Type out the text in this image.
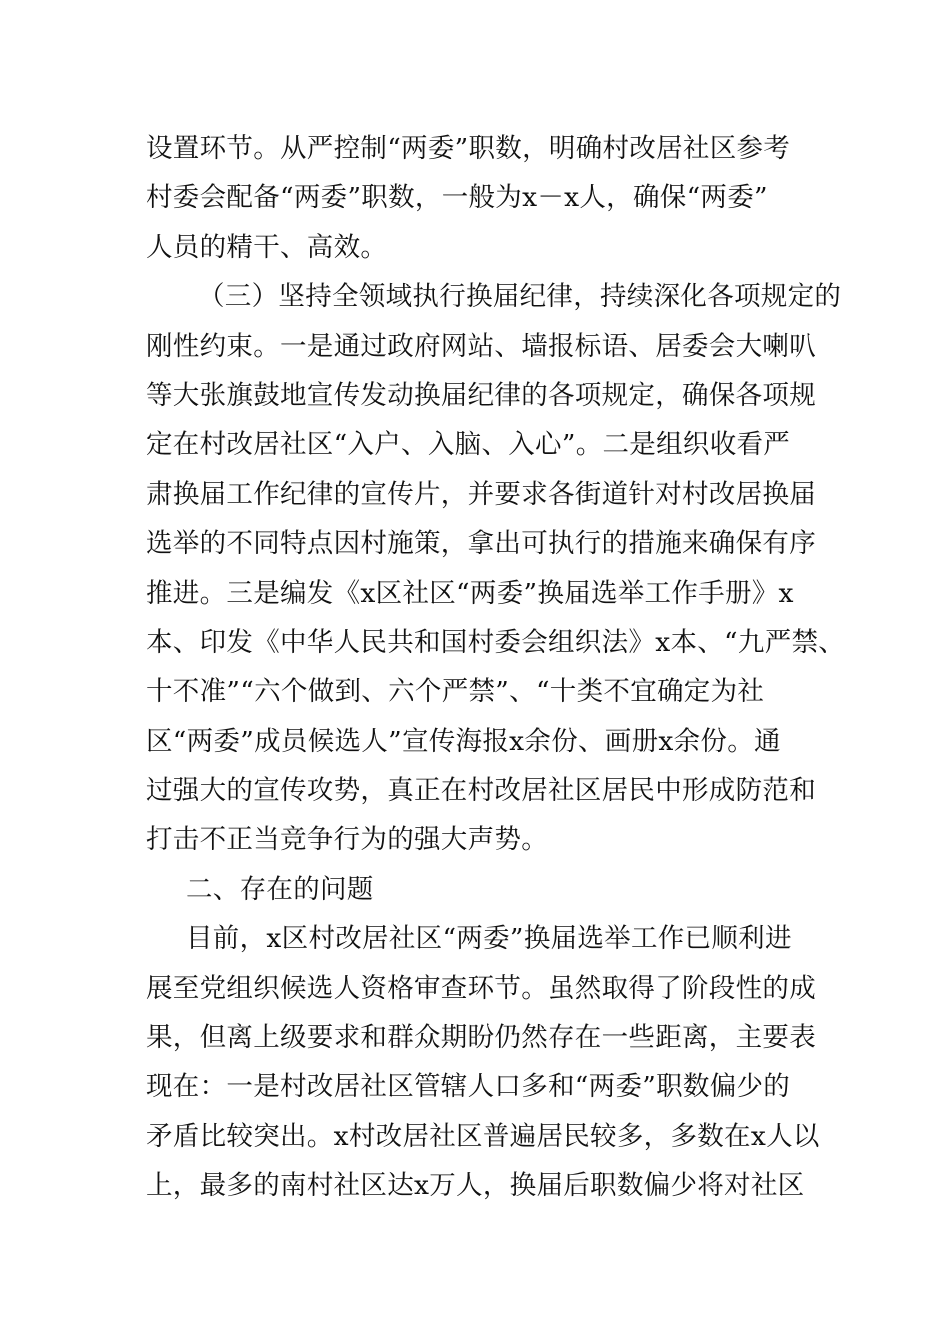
设置环节。从严控制“两委”职数，明确村改居社区参考
村委会配备“两委”职数，一般为x－x人，确保“两委”
人员的精干、高效。
（三）坚持全领域执行换届纪律，持续深化各项规定的
刚性约束。一是通过政府网站、墙报标语、居委会大喇叭
等大张旗鼓地宣传发动换届纪律的各项规定，确保各项规
定在村改居社区“入户、入脑、入心”。二是组织收看严
肃换届工作纪律的宣传片，并要求各街道针对村改居换届
选举的不同特点因村施策，拿出可执行的措施来确保有序
推进。三是编发《x区社区“两委”换届选举工作手册》x
本、印发《中华人民共和国村委会组织法》x本、“九严禁、
十不准”“六个做到、六个严禁”、“十类不宜确定为社
区“两委”成员候选人”宣传海报x余份、画册x余份。通
过强大的宣传攻势，真正在村改居社区居民中形成防范和
打击不正当竞争行为的强大声势。
二、存在的问题
目前，x区村改居社区“两委”换届选举工作已顺利进
展至党组织候选人资格审查环节。虽然取得了阶段性的成
果，但离上级要求和群众期盼仍然存在一些距离，主要表
现在：一是村改居社区管辖人口多和“两委”职数偏少的
矛盾比较突出。x村改居社区普遍居民较多，多数在x人以
上，最多的南村社区达x万人，换届后职数偏少将对社区
